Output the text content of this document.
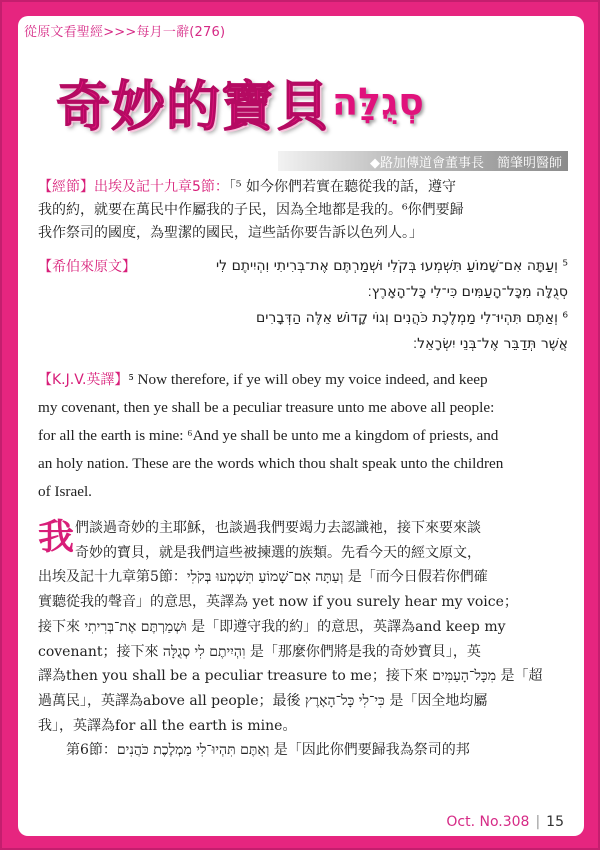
從原文看聖經>>>每月一辭(276)
奇妙的寶貝 סְגֻלָּה
◆路加傳道會董事長　簡肇明醫師
【經節】出埃及記十九章5節：「⁵ 如今你們若實在聽從我的話，遵守
我的約，就要在萬民中作屬我的子民，因為全地都是我的。⁶你們要歸
我作祭司的國度，為聖潔的國民，這些話你要告訴以色列人。」
【希伯來原文】	⁵ וְעַתָּה אִם־שָׁמוֹעַ תִּשְׁמְעוּ בְּקֹלִי וּשְׁמַרְתֶּם אֶת־בְּרִיתִי וִהְיִיתֶם לִי
סְגֻלָּה מִכָּל־הָעַמִּים כִּי־לִי כָּל־הָאָרֶץ׃
⁶ וְאַתֶּם תִּהְיוּ־לִי מַמְלֶכֶת כֹּהֲנִים וְגוֹי קָדוֹשׁ אֵלֶּה הַדְּבָרִים
אֲשֶׁר תְּדַבֵּר אֶל־בְּנֵי יִשְׂרָאֵל׃
【K.J.V.英譯】⁵ Now therefore, if ye will obey my voice indeed, and keep
my covenant, then ye shall be a peculiar treasure unto me above all people:
for all the earth is mine: ⁶And ye shall be unto me a kingdom of priests, and
an holy nation. These are the words which thou shalt speak unto the children
of Israel.
我 們談過奇妙的主耶穌，也談過我們要竭力去認識祂，接下來要來談
奇妙的寶貝，就是我們這些被揀選的族類。先看今天的經文原文，
出埃及記十九章第5節：וְעַתָּה אִם־שָׁמוֹעַ תִּשְׁמְעוּ בְּקֹלִי 是「而今日假若你們確
實聽從我的聲音」的意思，英譯為 yet now if you surely hear my voice；
接下來 וּשְׁמַרְתֶּם אֶת־בְּרִיתִי 是「即遵守我的約」的意思，英譯為and keep my
covenant；接下來 וִהְיִיתֶם לִי סְגֻלָּה 是「那麼你們將是我的奇妙寶貝」，英
譯為then you shall be a peculiar treasure to me；接下來 מִכָּל־הָעַמִּים 是「超
過萬民」，英譯為above all people；最後 כִּי־לִי כָּל־הָאָרֶץ 是「因全地均屬
我」，英譯為for all the earth is mine。
第6節：וְאַתֶּם תִּהְיוּ־לִי מַמְלֶכֶת כֹּהֲנִים 是「因此你們要歸我為祭司的邦
Oct. No.308 | 15
